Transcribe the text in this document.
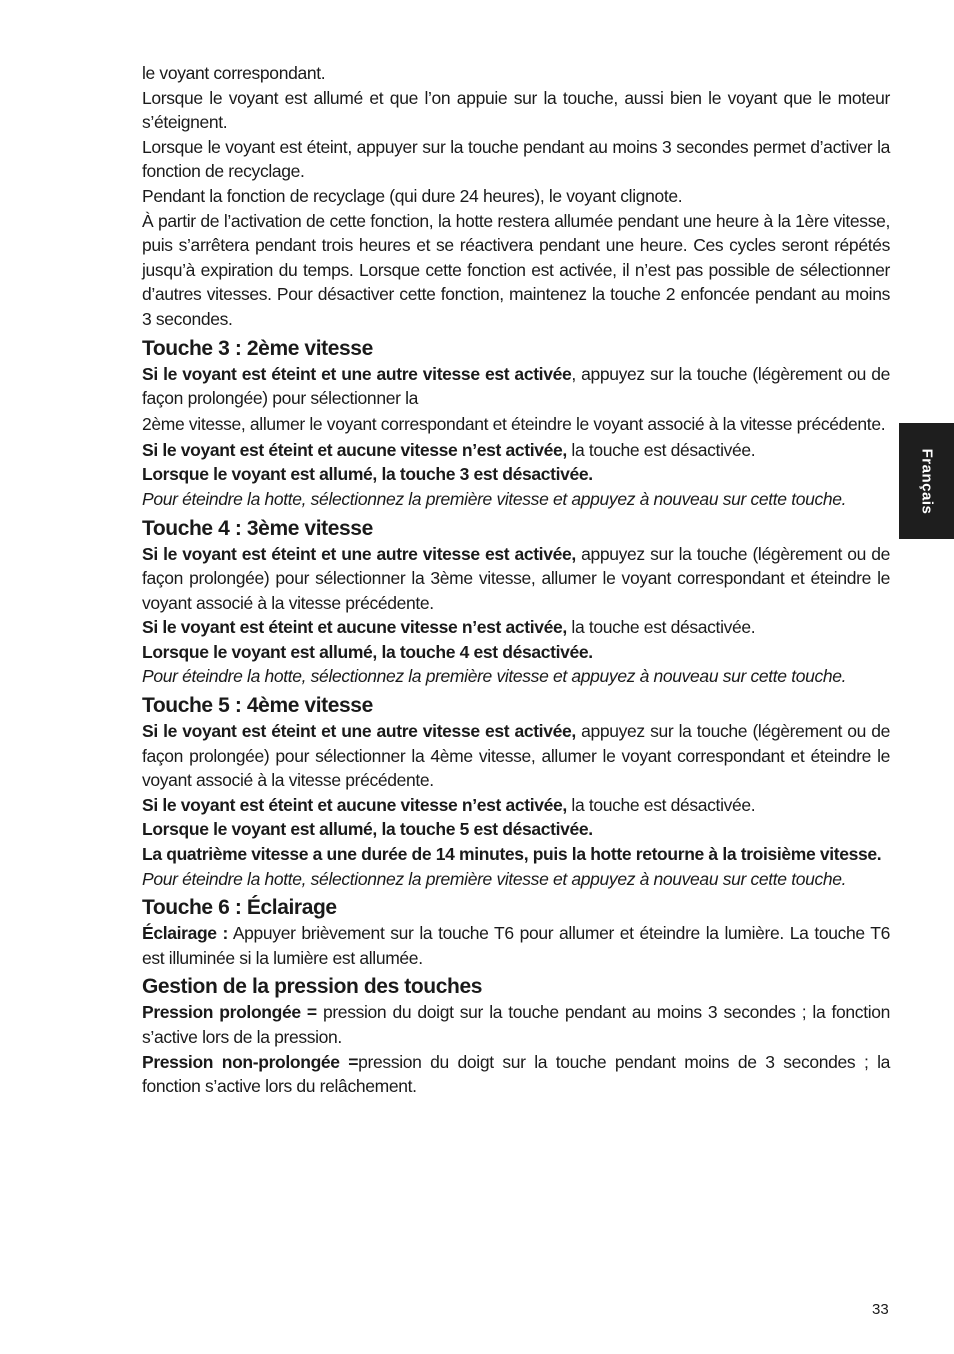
le voyant correspondant.

Lorsque le voyant est allumé et que l’on appuie sur la touche, aussi bien le voyant que le moteur s’éteignent.

Lorsque le voyant est éteint, appuyer sur la touche pendant au moins 3 secondes permet d’activer la fonction de recyclage.

Pendant la fonction de recyclage (qui dure 24 heures), le voyant clignote.

À partir de l’activation de cette fonction, la hotte restera allumée pendant une heure à la 1ère vitesse, puis s’arrêtera pendant trois heures et se réactivera pendant une heure. Ces cycles seront répétés jusqu’à expiration du temps. Lorsque cette fonction est activée, il n’est pas possible de sélectionner d’autres vitesses. Pour désactiver cette fonction, maintenez la touche 2 enfoncée pendant au moins 3 secondes.

Touche 3 : 2ème vitesse

Si le voyant est éteint et une autre vitesse est activée, appuyez sur la touche (légèrement ou de façon prolongée) pour sélectionner la

2ème vitesse, allumer le voyant correspondant et éteindre le voyant associé à la vitesse précédente.

Si le voyant est éteint et aucune vitesse n’est activée, la touche est désactivée.

Lorsque le voyant est allumé, la touche 3 est désactivée.

Pour éteindre la hotte, sélectionnez la première vitesse et appuyez à nouveau sur cette touche.

Touche 4 : 3ème vitesse

Si le voyant est éteint et une autre vitesse est activée, appuyez sur la touche (légèrement ou de façon prolongée) pour sélectionner la 3ème vitesse, allumer le voyant correspondant et éteindre le voyant associé à la vitesse précédente.

Si le voyant est éteint et aucune vitesse n’est activée, la touche est désactivée.

Lorsque le voyant est allumé, la touche 4 est désactivée.

Pour éteindre la hotte, sélectionnez la première vitesse et appuyez à nouveau sur cette touche.

Touche 5 : 4ème vitesse

Si le voyant est éteint et une autre vitesse est activée, appuyez sur la touche (légèrement ou de façon prolongée) pour sélectionner la 4ème vitesse, allumer le voyant correspondant et éteindre le voyant associé à la vitesse précédente.

Si le voyant est éteint et aucune vitesse n’est activée, la touche est désactivée.

Lorsque le voyant est allumé, la touche 5 est désactivée.

La quatrième vitesse a une durée de 14 minutes, puis la hotte retourne à la troisième vitesse.

Pour éteindre la hotte, sélectionnez la première vitesse et appuyez à nouveau sur cette touche.

Touche 6 : Éclairage

Éclairage : Appuyer brièvement sur la touche T6 pour allumer et éteindre la lumière. La touche T6 est illuminée si la lumière est allumée.

Gestion de la pression des touches

Pression prolongée = pression du doigt sur la touche pendant au moins 3 secondes ; la fonction s’active lors de la pression.

Pression non-prolongée =pression du doigt sur la touche pendant moins de 3 secondes ; la fonction s’active lors du relâchement.

Français
33
